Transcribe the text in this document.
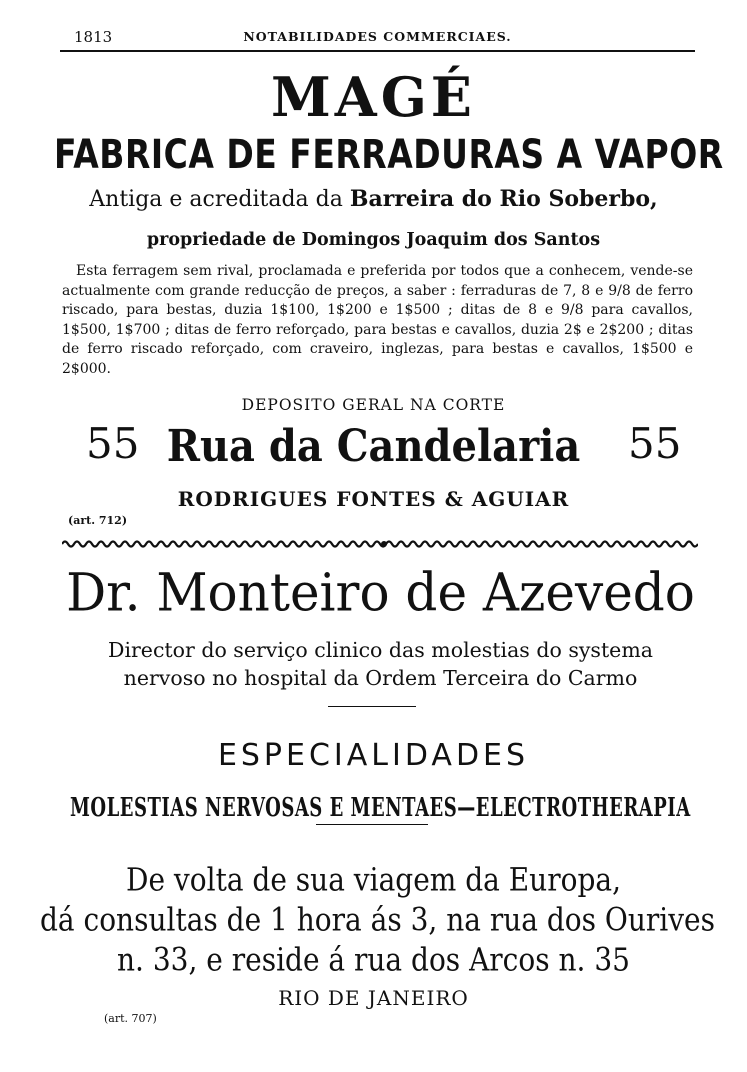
1813	NOTABILIDADES COMMERCIAES.
MAGÉ
FABRICA DE FERRADURAS A VAPOR
Antiga e acreditada da Barreira do Rio Soberbo,
propriedade de Domingos Joaquim dos Santos

Esta ferragem sem rival, proclamada e preferida por todos que a conhecem, vende-se actualmente com grande reducção de preços, a saber : ferraduras de 7, 8 e 9/8 de ferro riscado, para bestas, duzia 1$100, 1$200 e 1$500 ; ditas de 8 e 9/8 para cavallos, 1$500, 1$700 ; ditas de ferro reforçado, para bestas e cavallos, duzia 2$ e 2$200 ; ditas de ferro riscado reforçado, com craveiro, inglezas, para bestas e cavallos, 1$500 e 2$000.

DEPOSITO GERAL NA CORTE
55 Rua da Candelaria 55
RODRIGUES FONTES & AGUIAR
(art. 712)
Dr. Monteiro de Azevedo
Director do serviço clinico das molestias do systema
nervoso no hospital da Ordem Terceira do Carmo
ESPECIALIDADES
MOLESTIAS NERVOSAS E MENTAES—ELECTROTHERAPIA
De volta de sua viagem da Europa,
dá consultas de 1 hora ás 3, na rua dos Ourives
n. 33, e reside á rua dos Arcos n. 35
RIO DE JANEIRO
(art. 707)
